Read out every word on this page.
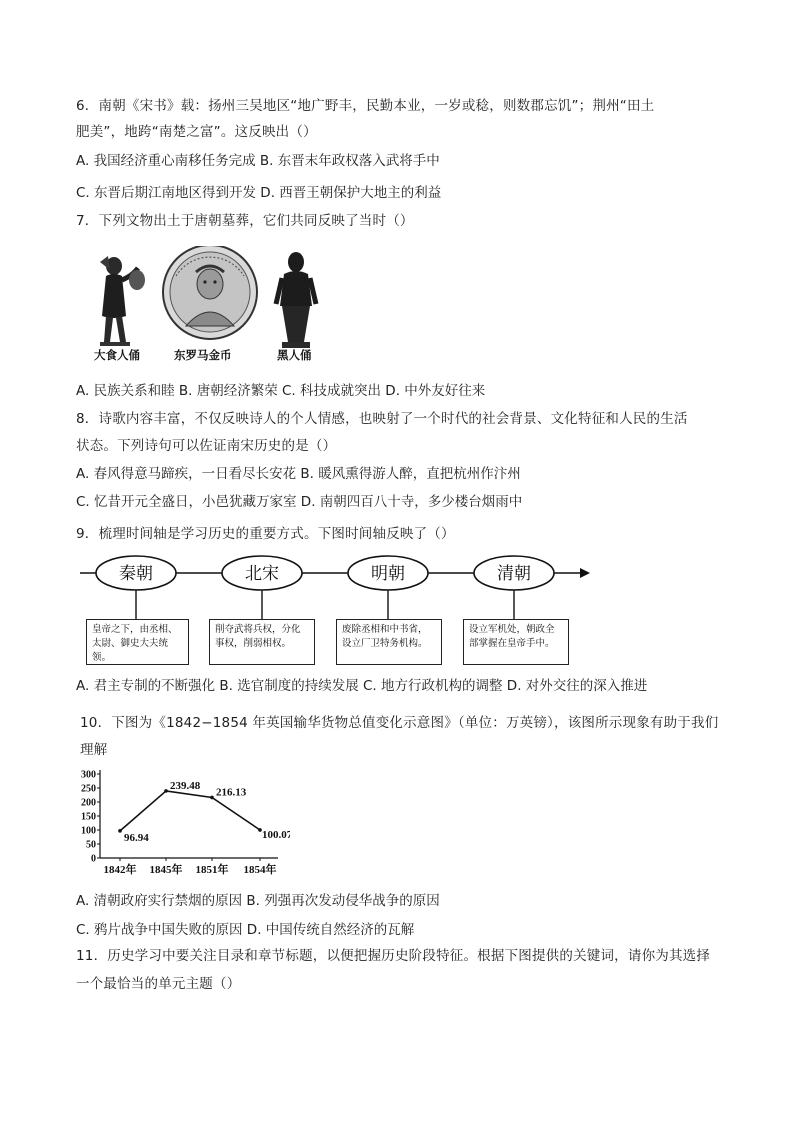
6．南朝《宋书》载：扬州三吴地区“地广野丰，民勤本业，一岁或稔，则数郡忘饥”；荆州“田土
肥美”，地跨“南楚之富”。这反映出（）
A. 我国经济重心南移任务完成 B. 东晋末年政权落入武将手中
C. 东晋后期江南地区得到开发 D. 西晋王朝保护大地主的利益
7．下列文物出土于唐朝墓葬，它们共同反映了当时（）
大食人俑	东罗马金币	黑人俑
A. 民族关系和睦 B. 唐朝经济繁荣 C. 科技成就突出 D. 中外友好往来
8．诗歌内容丰富，不仅反映诗人的个人情感，也映射了一个时代的社会背景、文化特征和人民的生活
状态。下列诗句可以佐证南宋历史的是（）
A. 春风得意马蹄疾，一日看尽长安花 B. 暖风熏得游人醉，直把杭州作汴州
C. 忆昔开元全盛日，小邑犹藏万家室 D. 南朝四百八十寺，多少楼台烟雨中
9．梳理时间轴是学习历史的重要方式。下图时间轴反映了（）
秦朝	北宋	明朝	清朝
皇帝之下，由丞相、太尉、御史大夫统领。
削夺武将兵权，分化事权，削弱相权。
废除丞相和中书省，设立厂卫特务机构。
设立军机处，朝政全部掌握在皇帝手中。
A. 君主专制的不断强化 B. 选官制度的持续发展 C. 地方行政机构的调整 D. 对外交往的深入推进
10．下图为《1842−1854 年英国输华货物总值变化示意图》（单位：万英镑），该图所示现象有助于我们
理解
0
50
100
150
200
250
300
1842年 1845年 1851年 1854年
96.94
239.48
216.13
100.07
A. 清朝政府实行禁烟的原因 B. 列强再次发动侵华战争的原因
C. 鸦片战争中国失败的原因 D. 中国传统自然经济的瓦解
11．历史学习中要关注目录和章节标题，以便把握历史阶段特征。根据下图提供的关键词，请你为其选择
一个最恰当的单元主题（）
